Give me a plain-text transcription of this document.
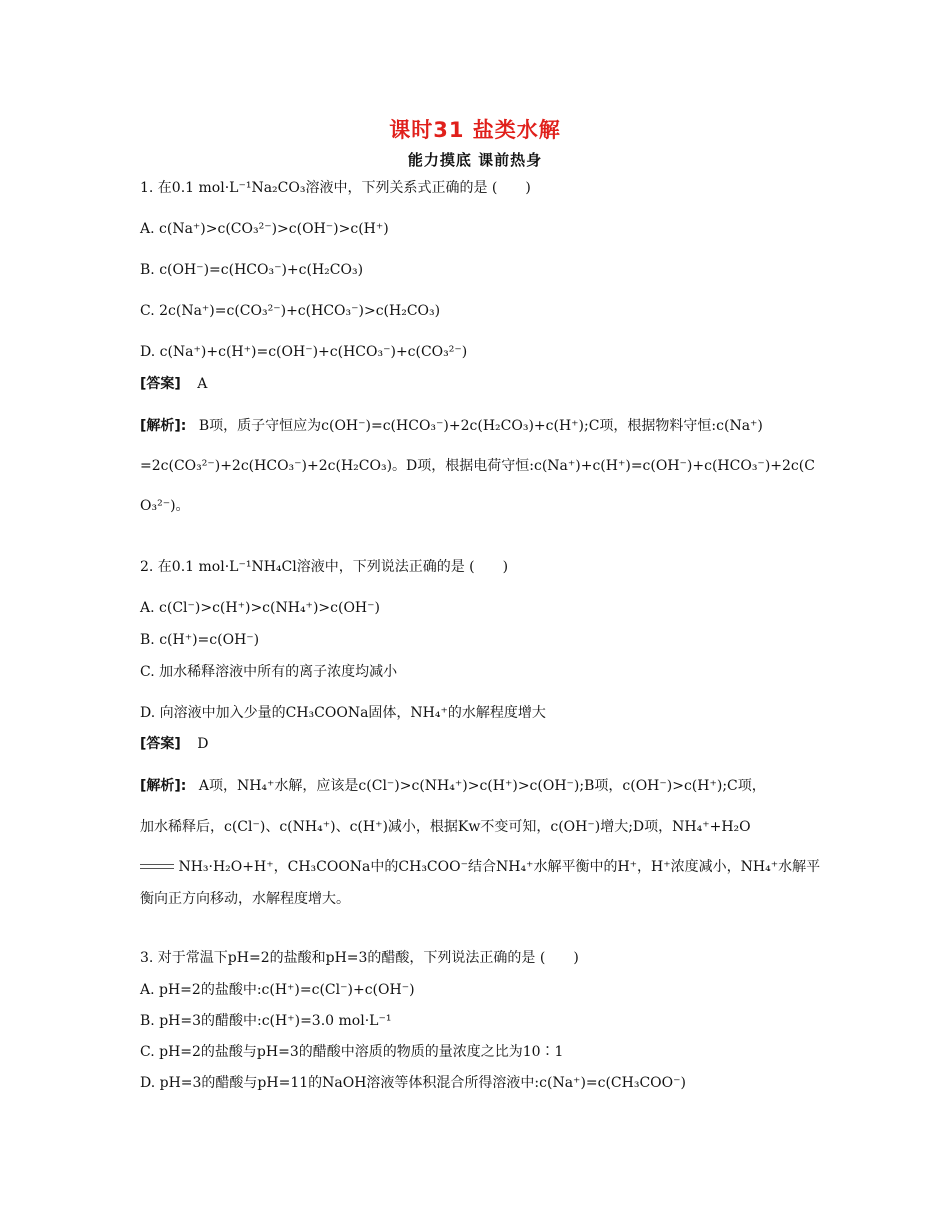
课时31 盐类水解
能力摸底 课前热身
1. 在0.1 mol·L⁻¹Na₂CO₃溶液中，下列关系式正确的是 (　　)
A. c(Na⁺)>c(CO₃²⁻)>c(OH⁻)>c(H⁺)
B. c(OH⁻)=c(HCO₃⁻)+c(H₂CO₃)
C. 2c(Na⁺)=c(CO₃²⁻)+c(HCO₃⁻)>c(H₂CO₃)
D. c(Na⁺)+c(H⁺)=c(OH⁻)+c(HCO₃⁻)+c(CO₃²⁻)
[答案] A
[解析]: B项，质子守恒应为c(OH⁻)=c(HCO₃⁻)+2c(H₂CO₃)+c(H⁺);C项，根据物料守恒:c(Na⁺)
=2c(CO₃²⁻)+2c(HCO₃⁻)+2c(H₂CO₃)。D项，根据电荷守恒:c(Na⁺)+c(H⁺)=c(OH⁻)+c(HCO₃⁻)+2c(C
O₃²⁻)。
2. 在0.1 mol·L⁻¹NH₄Cl溶液中，下列说法正确的是 (　　)
A. c(Cl⁻)>c(H⁺)>c(NH₄⁺)>c(OH⁻)
B. c(H⁺)=c(OH⁻)
C. 加水稀释溶液中所有的离子浓度均减小
D. 向溶液中加入少量的CH₃COONa固体，NH₄⁺的水解程度增大
[答案] D
[解析]: A项，NH₄⁺水解，应该是c(Cl⁻)>c(NH₄⁺)>c(H⁺)>c(OH⁻);B项，c(OH⁻)>c(H⁺);C项，
加水稀释后，c(Cl⁻)、c(NH₄⁺)、c(H⁺)减小，根据Kw不变可知，c(OH⁻)增大;D项，NH₄⁺+H₂O
NH₃·H₂O+H⁺，CH₃COONa中的CH₃COO⁻结合NH₄⁺水解平衡中的H⁺，H⁺浓度减小，NH₄⁺水解平
衡向正方向移动，水解程度增大。
3. 对于常温下pH=2的盐酸和pH=3的醋酸，下列说法正确的是 (　　)
A. pH=2的盐酸中:c(H⁺)=c(Cl⁻)+c(OH⁻)
B. pH=3的醋酸中:c(H⁺)=3.0 mol·L⁻¹
C. pH=2的盐酸与pH=3的醋酸中溶质的物质的量浓度之比为10∶1
D. pH=3的醋酸与pH=11的NaOH溶液等体积混合所得溶液中:c(Na⁺)=c(CH₃COO⁻)
